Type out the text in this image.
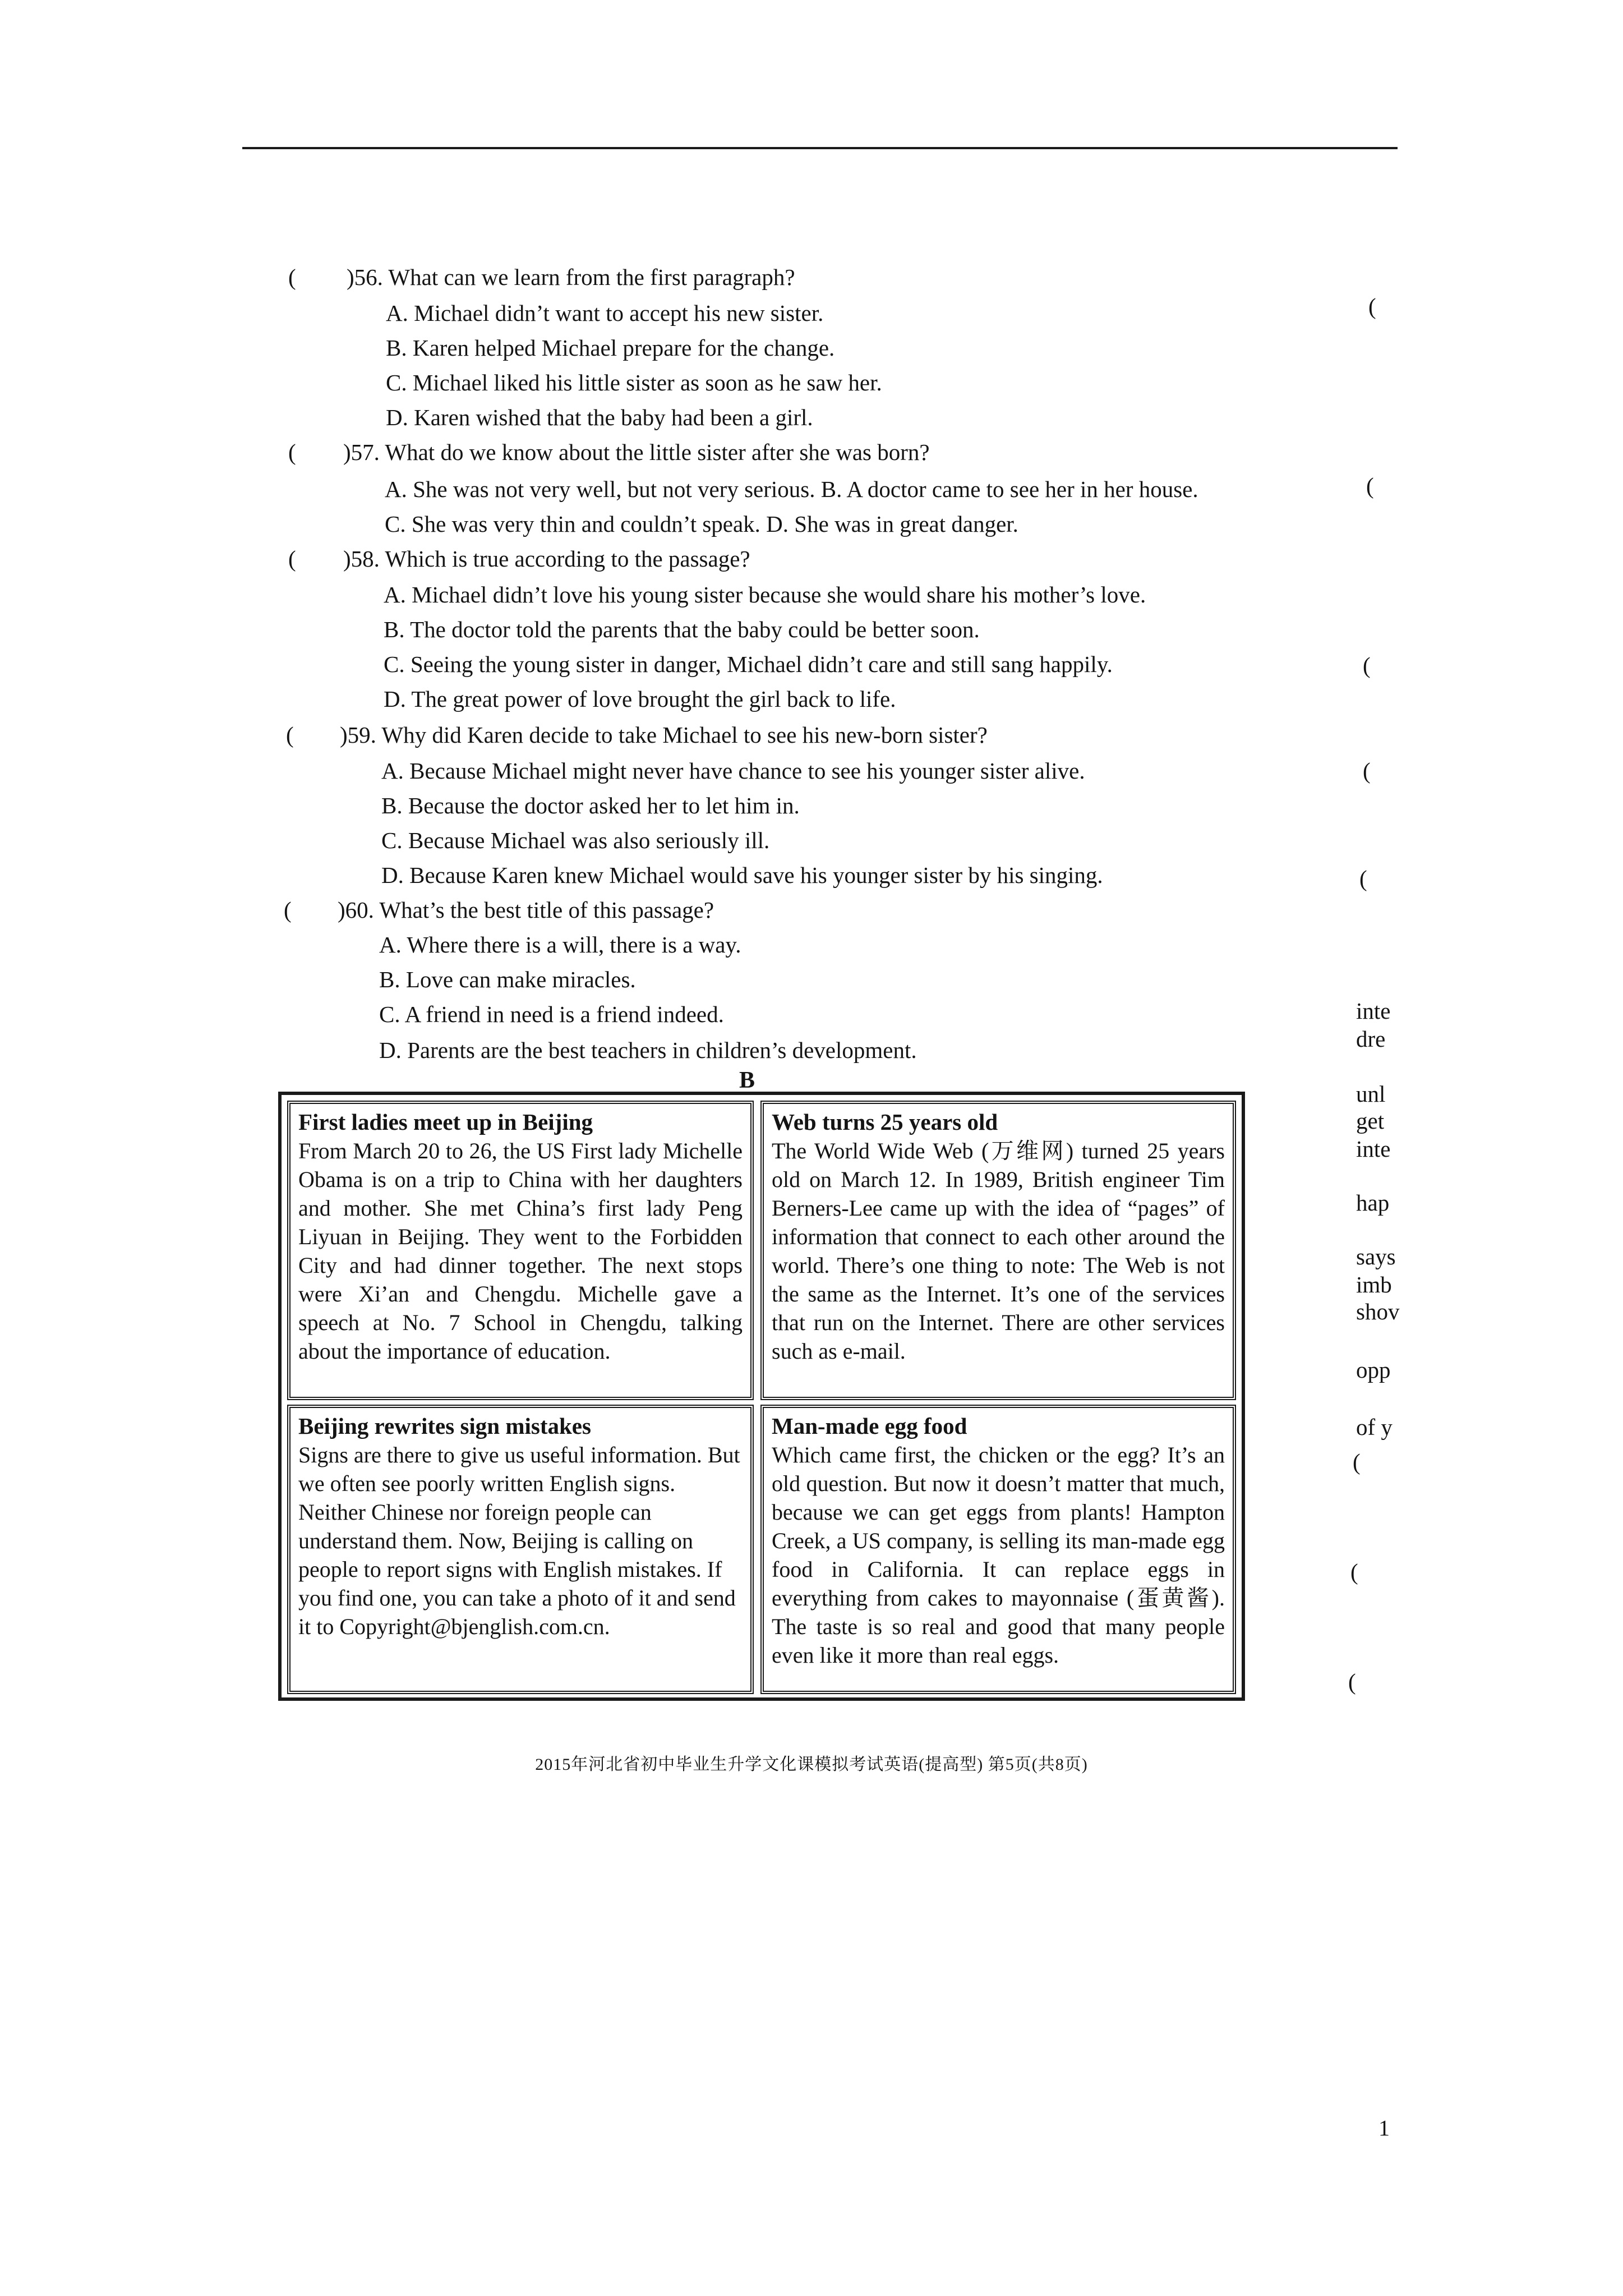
( )56. What can we learn from the first paragraph?
A. Michael didn’t want to accept his new sister.
B. Karen helped Michael prepare for the change.
C. Michael liked his little sister as soon as he saw her.
D. Karen wished that the baby had been a girl.
( )57. What do we know about the little sister after she was born?
A. She was not very well, but not very serious. B. A doctor came to see her in her house.
C. She was very thin and couldn’t speak. D. She was in great danger.
( )58. Which is true according to the passage?
A. Michael didn’t love his young sister because she would share his mother’s love.
B. The doctor told the parents that the baby could be better soon.
C. Seeing the young sister in danger, Michael didn’t care and still sang happily.
D. The great power of love brought the girl back to life.
( )59. Why did Karen decide to take Michael to see his new-born sister?
A. Because Michael might never have chance to see his younger sister alive.
B. Because the doctor asked her to let him in.
C. Because Michael was also seriously ill.
D. Because Karen knew Michael would save his younger sister by his singing.
( )60. What’s the best title of this passage?
A. Where there is a will, there is a way.
B. Love can make miracles.
C. A friend in need is a friend indeed.
D. Parents are the best teachers in children’s development.
(
(
(
(
(
inte
dre
unl
get
inte
hap
says
imb
shov
opp
of y
(
(
(
B
First ladies meet up in Beijing
From March 20 to 26, the US First lady Michelle Obama is on a trip to China with her daughters and mother. She met China’s first lady Peng Liyuan in Beijing. They went to the Forbidden City and had dinner together. The next stops were Xi’an and Chengdu. Michelle gave a speech at No. 7 School in Chengdu, talking about the importance of education.
Web turns 25 years old
The World Wide Web (万维网) turned 25 years old on March 12. In 1989, British engineer Tim Berners-Lee came up with the idea of “pages” of information that connect to each other around the world. There’s one thing to note: The Web is not the same as the Internet. It’s one of the services that run on the Internet. There are other services such as e-mail.
Beijing rewrites sign mistakes
Signs are there to give us useful information. But we often see poorly written English signs. Neither Chinese nor foreign people can understand them. Now, Beijing is calling on people to report signs with English mistakes. If you find one, you can take a photo of it and send it to Copyright@bjenglish.com.cn.
Man-made egg food
Which came first, the chicken or the egg? It’s an old question. But now it doesn’t matter that much, because we can get eggs from plants! Hampton Creek, a US company, is selling its man-made egg food in California. It can replace eggs in everything from cakes to mayonnaise (蛋黄酱). The taste is so real and good that many people even like it more than real eggs.
2015年河北省初中毕业生升学文化课模拟考试英语(提高型) 第5页(共8页)
1
